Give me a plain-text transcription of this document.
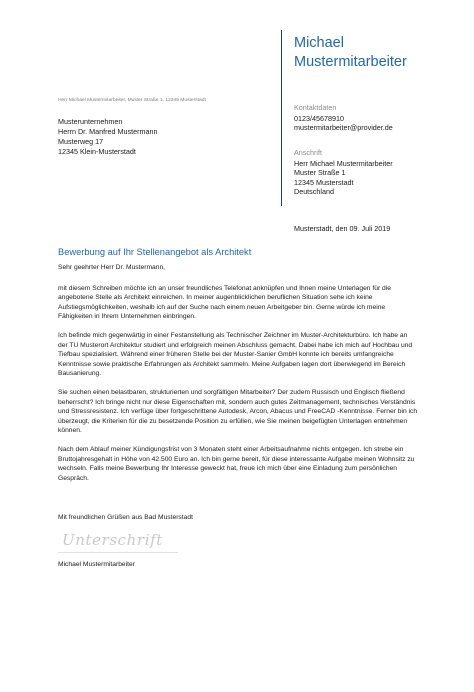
Michael
Mustermitarbeiter
Kontaktdaten
0123/45678910
mustermitarbeiter@provider.de
Anschrift
Herr Michael Mustermitarbeiter
Muster Straße 1
12345 Musterstadt
Deutschland
Herr Michael Mustermitarbeiter, Muster Straße 1, 12345 Musterstadt
Musterunternehmen
Herrn Dr. Manfred Mustermann
Musterweg 17
12345 Klein-Musterstadt
Musterstadt, den 09. Juli 2019
Bewerbung auf Ihr Stellenangebot als Architekt

Sehr geehrter Herr Dr. Mustermann,

mit diesem Schreiben möchte ich an unser freundliches Telefonat anknüpfen und Ihnen meine Unterlagen für die angebotene Stelle als Architekt einreichen. In meiner augenblicklichen beruflichen Situation sehe ich keine Aufstiegsmöglichkeiten, weshalb ich auf der Suche nach einem neuen Arbeitgeber bin. Gerne würde ich meine Fähigkeiten in Ihrem Unternehmen einbringen.

Ich befinde mich gegenwärtig in einer Festanstellung als Technischer Zeichner im Muster-Architekturbüro. Ich habe an der TU Musterort Architektur studiert und erfolgreich meinen Abschluss gemacht. Dabei habe ich mich auf Hochbau und Tiefbau spezialisiert. Während einer früheren Stelle bei der Muster-Sanier GmbH konnte ich bereits umfangreiche Kenntnisse sowie praktische Erfahrungen als Architekt sammeln. Meine Aufgaben lagen dort überwiegend im Bereich Bausanierung.

Sie suchen einen belastbaren, strukturierten und sorgfältigen Mitarbeiter? Der zudem Russisch und Englisch fließend beherrscht? Ich bringe nicht nur diese Eigenschaften mit, sondern auch gutes Zeitmanagement, technisches Verständnis und Stressresistenz. Ich verfüge über fortgeschrittene Autodesk, Arcon, Abacus und FreeCAD -Kenntnisse. Ferner bin ich überzeugt, die Kriterien für die zu besetzende Position zu erfüllen, wie Sie meinen beigefügten Unterlagen entnehmen können.

Nach dem Ablauf meiner Kündigungsfrist von 3 Monaten steht einer Arbeitsaufnahme nichts entgegen. Ich strebe ein Bruttojahresgehalt in Höhe von 42.500 Euro an. Ich bin gerne bereit, für diese interessante Aufgabe meinen Wohnsitz zu wechseln. Falls meine Bewerbung Ihr Interesse geweckt hat, freue ich mich über eine Einladung zum persönlichen Gespräch.

Mit freundlichen Grüßen aus Bad Musterstadt
Unterschrift
Michael Mustermitarbeiter
